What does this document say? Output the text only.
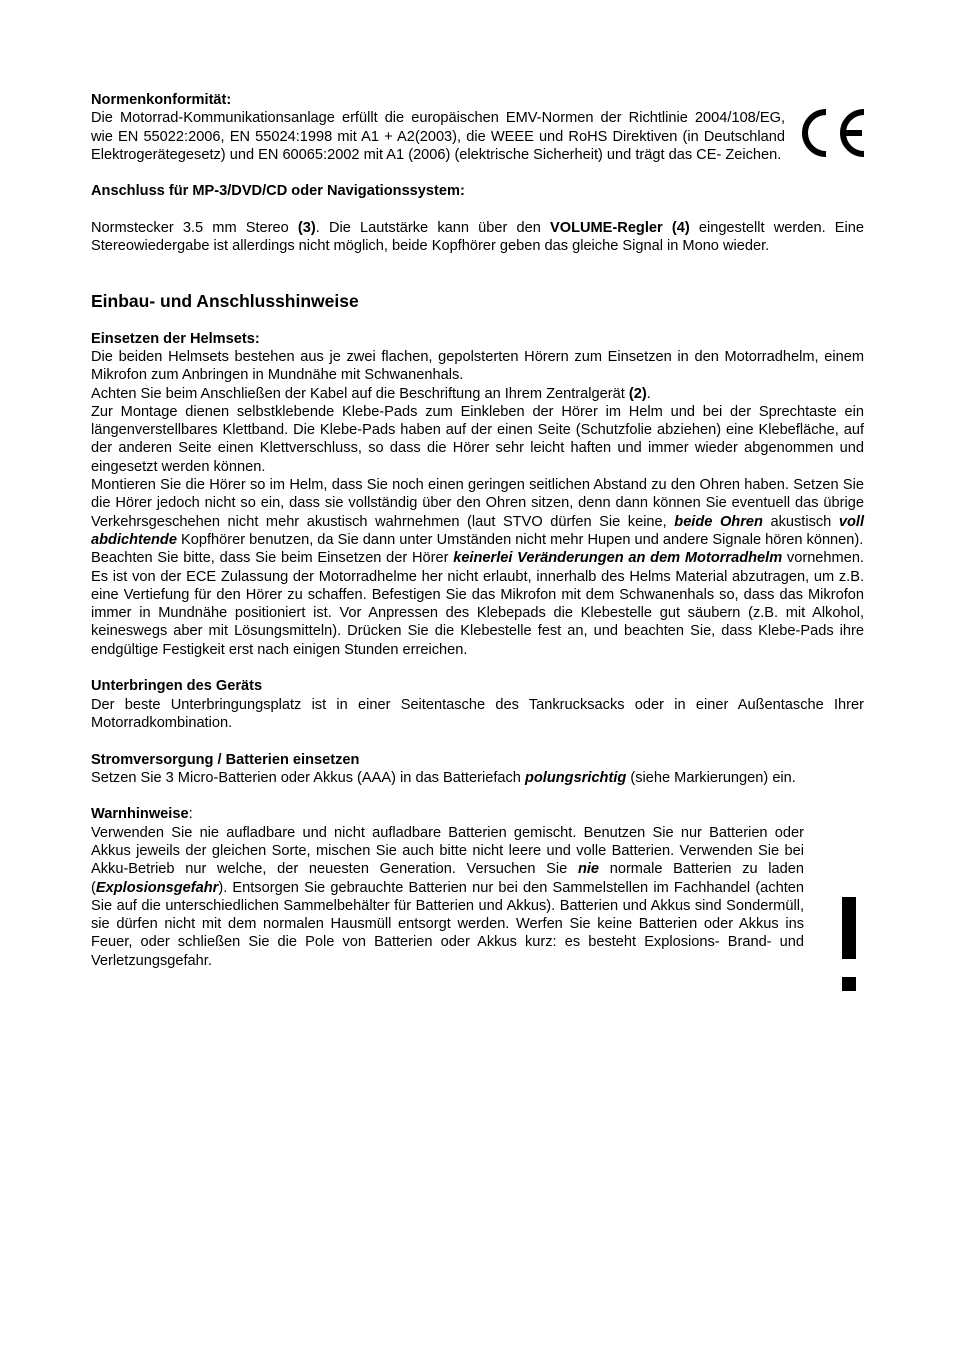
Normenkonformität:

Die Motorrad-Kommunikationsanlage erfüllt die europäischen EMV-Normen der Richtlinie 2004/108/EG, wie EN 55022:2006, EN 55024:1998 mit A1 + A2(2003), die WEEE und RoHS Direktiven (in Deutschland Elektrogerätegesetz) und EN 60065:2002 mit A1 (2006) (elektrische Sicherheit) und trägt das CE- Zeichen.

Anschluss für MP-3/DVD/CD oder Navigationssystem:

Normstecker 3.5 mm Stereo (3). Die Lautstärke kann über den VOLUME-Regler (4) eingestellt werden. Eine Stereowiedergabe ist allerdings nicht möglich, beide Kopfhörer geben das gleiche Signal in Mono wieder.

Einbau- und Anschlusshinweise

Einsetzen der Helmsets:

Die beiden Helmsets bestehen aus je zwei flachen, gepolsterten Hörern zum Einsetzen in den Motorradhelm, einem Mikrofon zum Anbringen in Mundnähe mit Schwanenhals.

Achten Sie beim Anschließen der Kabel auf die Beschriftung an Ihrem Zentralgerät (2).

Zur Montage dienen selbstklebende Klebe-Pads zum Einkleben der Hörer im Helm und bei der Sprechtaste ein längenverstellbares Klettband. Die Klebe-Pads haben auf der einen Seite (Schutzfolie abziehen) eine Klebefläche, auf der anderen Seite einen Klettverschluss, so dass die Hörer sehr leicht haften und immer wieder abgenommen und eingesetzt werden können.

Montieren Sie die Hörer so im Helm, dass Sie noch einen geringen seitlichen Abstand zu den Ohren haben. Setzen Sie die Hörer jedoch nicht so ein, dass sie vollständig über den Ohren sitzen, denn dann können Sie eventuell das übrige Verkehrsgeschehen nicht mehr akustisch wahrnehmen (laut STVO dürfen Sie keine, beide Ohren akustisch voll abdichtende Kopfhörer benutzen, da Sie dann unter Umständen nicht mehr Hupen und andere Signale hören können).

Beachten Sie bitte, dass Sie beim Einsetzen der Hörer keinerlei Veränderungen an dem Motorradhelm vornehmen. Es ist von der ECE Zulassung der Motorradhelme her nicht erlaubt, innerhalb des Helms Material abzutragen, um z.B. eine Vertiefung für den Hörer zu schaffen. Befestigen Sie das Mikrofon mit dem Schwanenhals so, dass das Mikrofon immer in Mundnähe positioniert ist. Vor Anpressen des Klebepads die Klebestelle gut säubern (z.B. mit Alkohol, keineswegs aber mit Lösungsmitteln). Drücken Sie die Klebestelle fest an, und beachten Sie, dass Klebe-Pads ihre endgültige Festigkeit erst nach einigen Stunden erreichen.

Unterbringen des Geräts

Der beste Unterbringungsplatz ist in einer Seitentasche des Tankrucksacks oder in einer Außentasche Ihrer Motorradkombination.

Stromversorgung / Batterien einsetzen

Setzen Sie 3 Micro-Batterien oder Akkus (AAA) in das Batteriefach polungsrichtig (siehe Markierungen) ein.

Warnhinweise:

Verwenden Sie nie aufladbare und nicht aufladbare Batterien gemischt. Benutzen Sie nur Batterien oder Akkus jeweils der gleichen Sorte, mischen Sie auch bitte nicht leere und volle Batterien. Verwenden Sie bei Akku-Betrieb nur welche, der neuesten Generation. Versuchen Sie nie normale Batterien zu laden (Explosionsgefahr). Entsorgen Sie gebrauchte Batterien nur bei den Sammelstellen im Fachhandel (achten Sie auf die unterschiedlichen Sammelbehälter für Batterien und Akkus). Batterien und Akkus sind Sondermüll, sie dürfen nicht mit dem normalen Hausmüll entsorgt werden. Werfen Sie keine Batterien oder Akkus ins Feuer, oder schließen Sie die Pole von Batterien oder Akkus kurz: es besteht Explosions- Brand- und Verletzungsgefahr.
